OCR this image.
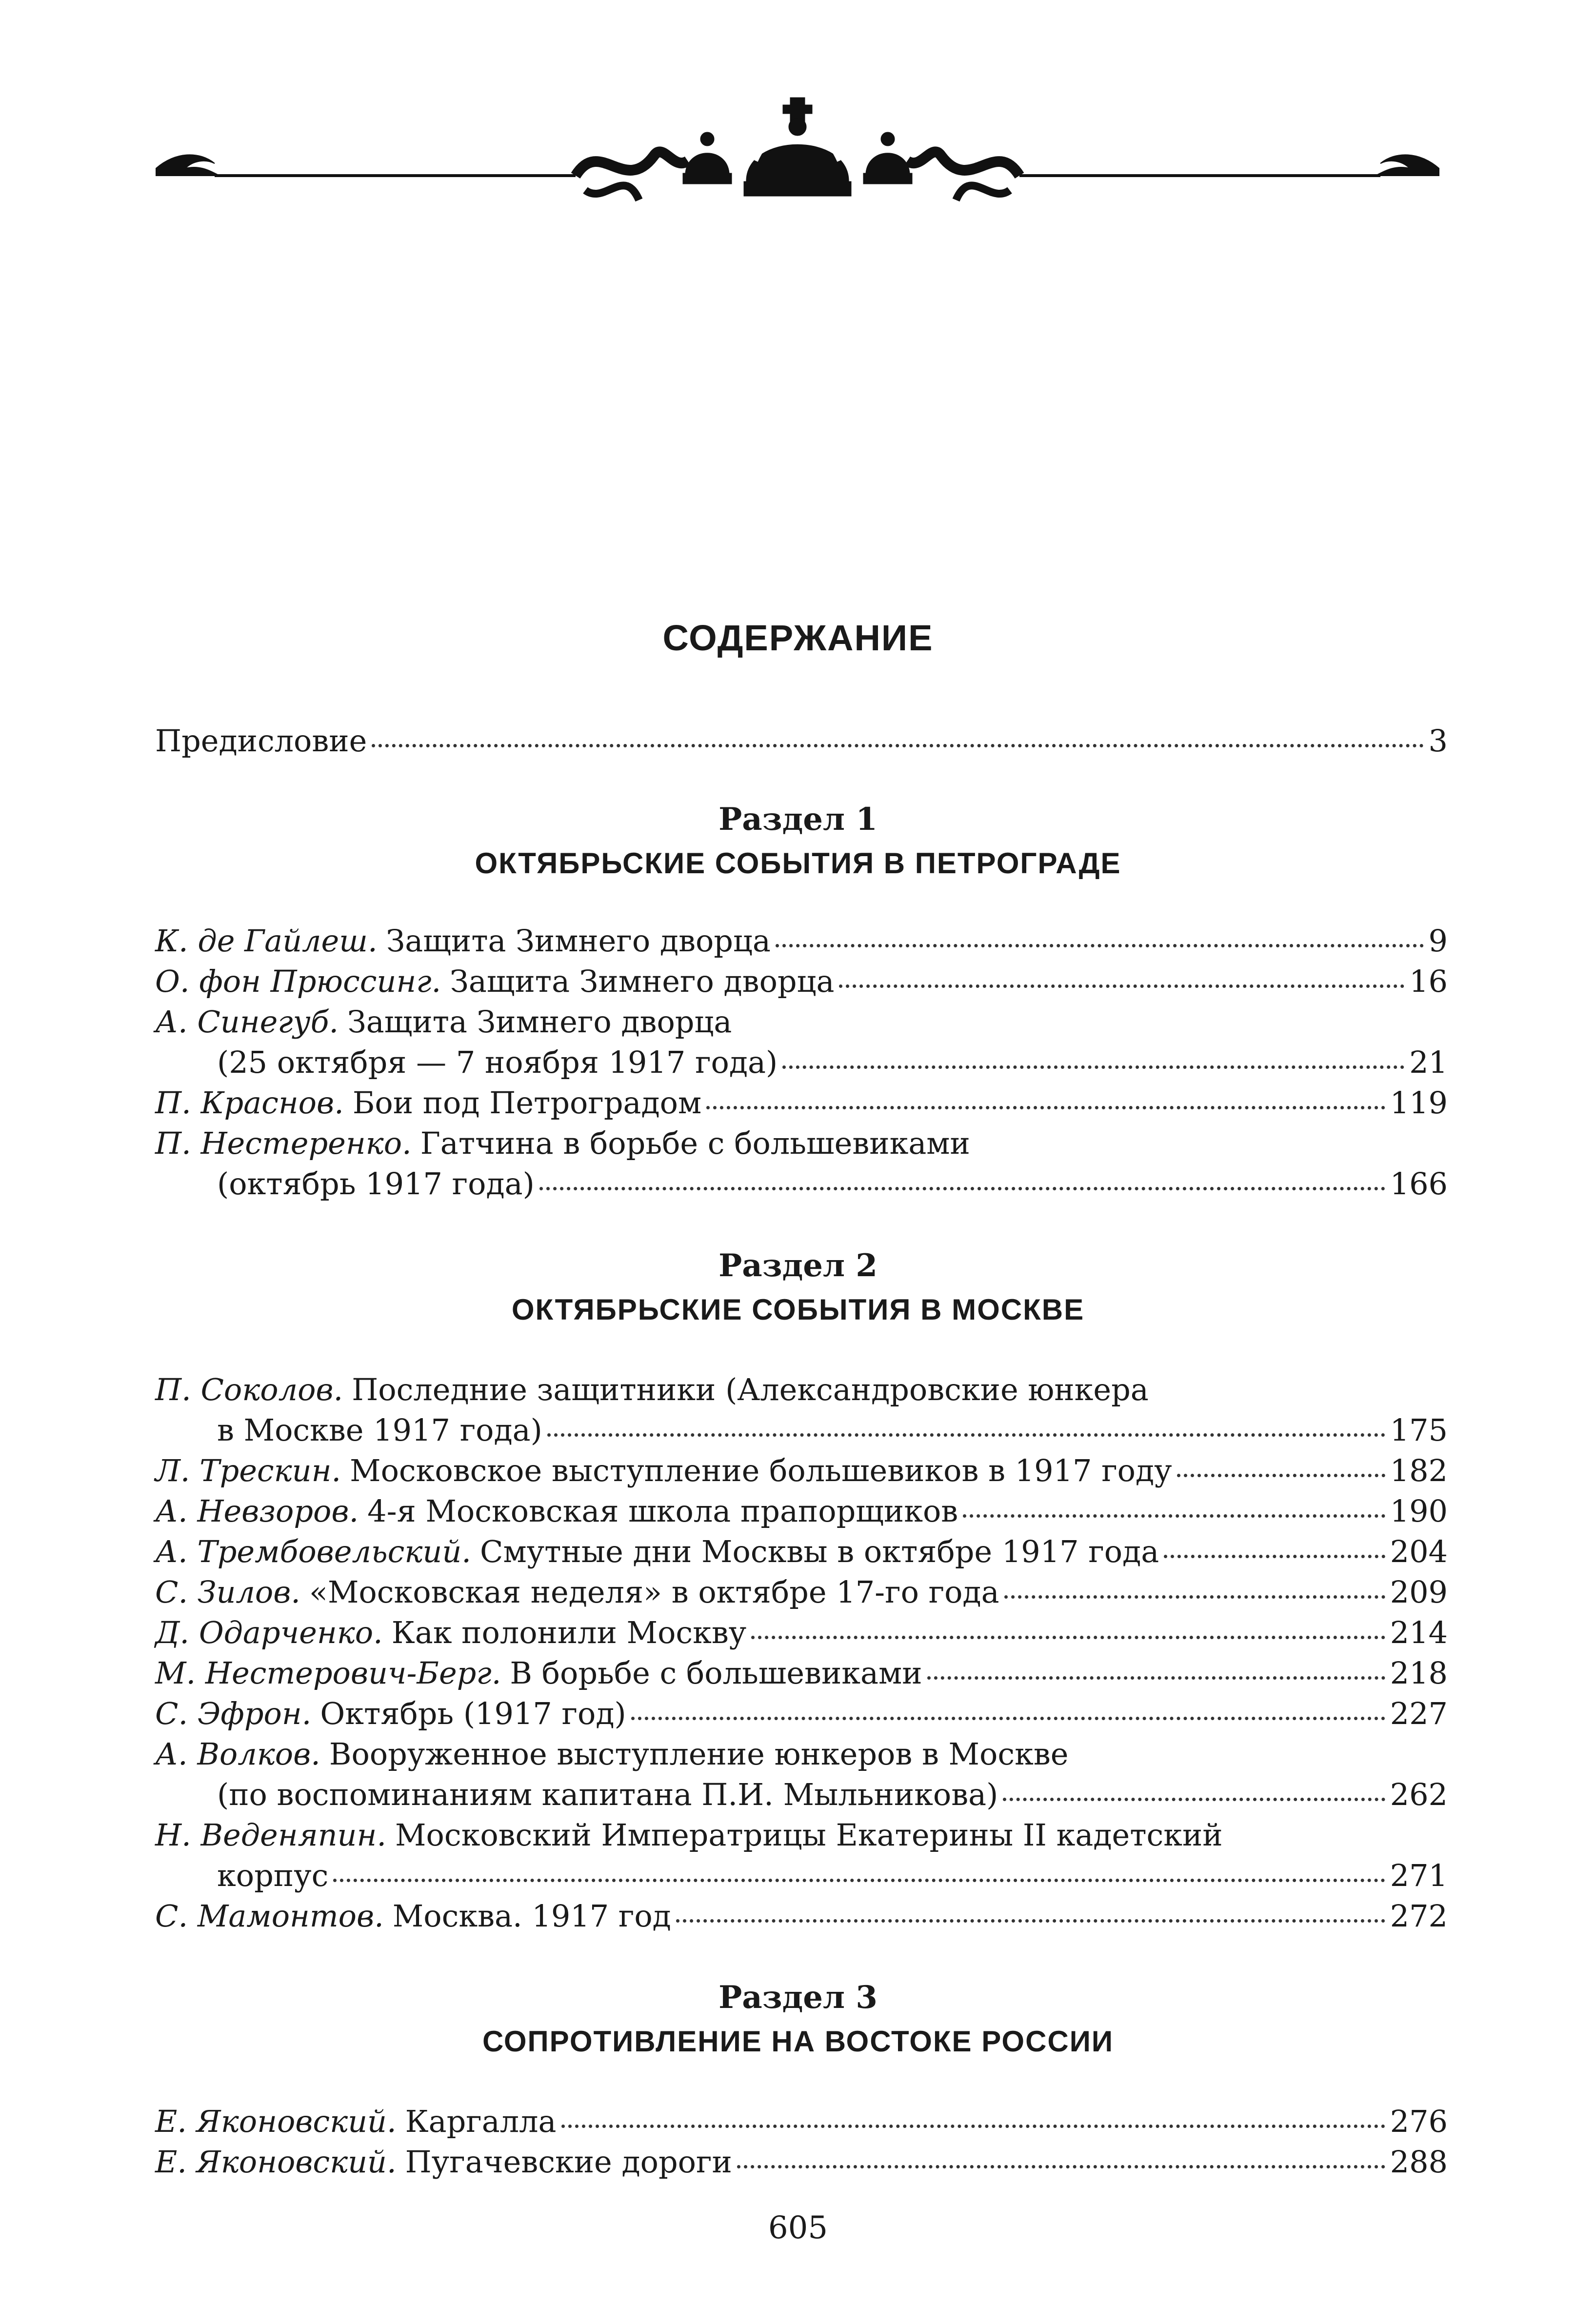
СОДЕРЖАНИЕ
Предисловие	3
Раздел 1
ОКТЯБРЬСКИЕ СОБЫТИЯ В ПЕТРОГРАДЕ
К. де Гайлеш. Защита Зимнего дворца	9
О. фон Прюссинг. Защита Зимнего дворца	16
А. Синегуб. Защита Зимнего дворца
(25 октября — 7 ноября 1917 года)	21
П. Краснов. Бои под Петроградом	119
П. Нестеренко. Гатчина в борьбе с большевиками
(октябрь 1917 года)	166
Раздел 2
ОКТЯБРЬСКИЕ СОБЫТИЯ В МОСКВЕ
П. Соколов. Последние защитники (Александровские юнкера
в Москве 1917 года)	175
Л. Трескин. Московское выступление большевиков в 1917 году	182
А. Невзоров. 4-я Московская школа прапорщиков	190
А. Трембовельский. Смутные дни Москвы в октябре 1917 года	204
С. Зилов. «Московская неделя» в октябре 17-го года	209
Д. Одарченко. Как полонили Москву	214
М. Нестерович-Берг. В борьбе с большевиками	218
С. Эфрон. Октябрь (1917 год)	227
А. Волков. Вооруженное выступление юнкеров в Москве
(по воспоминаниям капитана П.И. Мыльникова)	262
Н. Веденяпин. Московский Императрицы Екатерины II кадетский
корпус	271
С. Мамонтов. Москва. 1917 год	272
Раздел 3
СОПРОТИВЛЕНИЕ НА ВОСТОКЕ РОССИИ
Е. Яконовский. Каргалла	276
Е. Яконовский. Пугачевские дороги	288
605
